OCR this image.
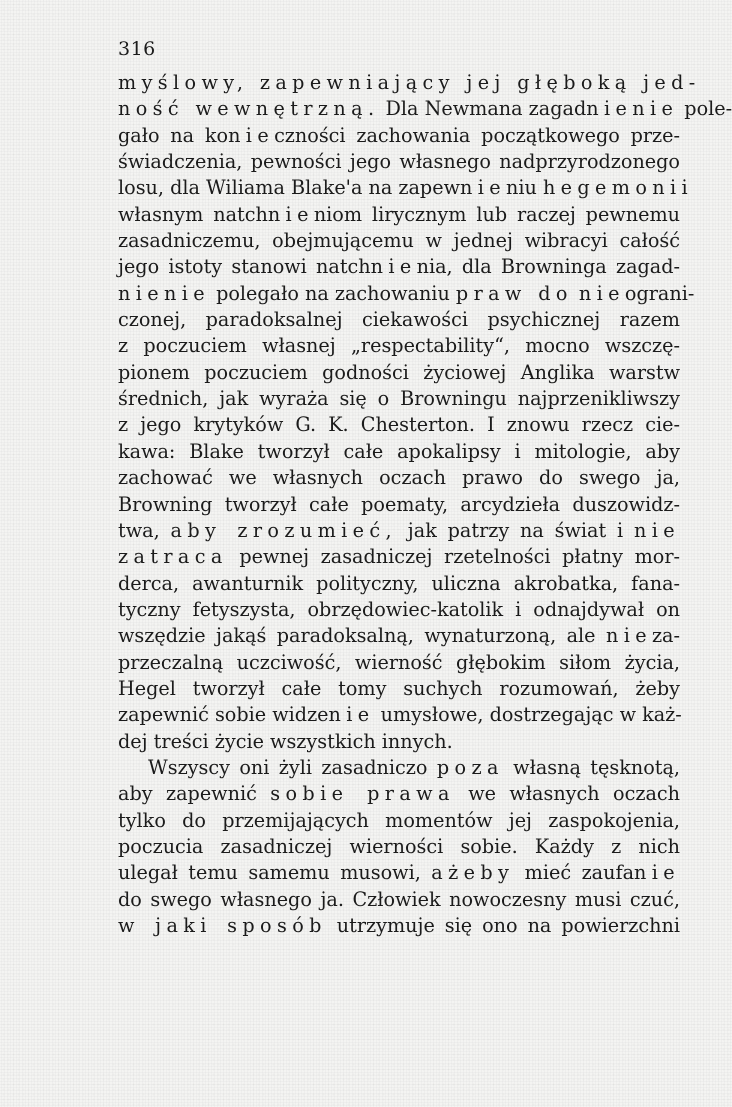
316
myślowy, zapewniający jej głęboką jed-
ność wewnętrzną. Dla Newmana zagadnienie pole-
gało na konieczności zachowania początkowego prze-
świadczenia, pewności jego własnego nadprzyrodzonego
losu, dla Wiliama Blake'a na zapewnieniu hegemonii
własnym natchnieniom lirycznym lub raczej pewnemu
zasadniczemu, obejmującemu w jednej wibracyi całość
jego istoty stanowi natchnienia, dla Browninga zagad-
nienie polegało na zachowaniu praw do nieograni-
czonej, paradoksalnej ciekawości psychicznej razem
z poczuciem własnej „respectability“, mocno wszczę-
pionem poczuciem godności życiowej Anglika warstw
średnich, jak wyraża się o Browningu najprzenikliwszy
z jego krytyków G. K. Chesterton. I znowu rzecz cie-
kawa: Blake tworzył całe apokalipsy i mitologie, aby
zachować we własnych oczach prawo do swego ja,
Browning tworzył całe poematy, arcydzieła duszowidz-
twa, aby zrozumieć, jak patrzy na świat i nie
zatraca pewnej zasadniczej rzetelności płatny mor-
derca, awanturnik polityczny, uliczna akrobatka, fana-
tyczny fetyszysta, obrzędowiec-katolik i odnajdywał on
wszędzie jakąś paradoksalną, wynaturzoną, ale nieza-
przeczalną uczciwość, wierność głębokim siłom życia,
Hegel tworzył całe tomy suchych rozumowań, żeby
zapewnić sobie widzenie umysłowe, dostrzegając w każ-
dej treści życie wszystkich innych.
Wszyscy oni żyli zasadniczo poza własną tęsknotą,
aby zapewnić sobie prawa we własnych oczach
tylko do przemijających momentów jej zaspokojenia,
poczucia zasadniczej wierności sobie. Każdy z nich
ulegał temu samemu musowi, ażeby mieć zaufanie
do swego własnego ja. Człowiek nowoczesny musi czuć,
w jaki sposób utrzymuje się ono na powierzchni
